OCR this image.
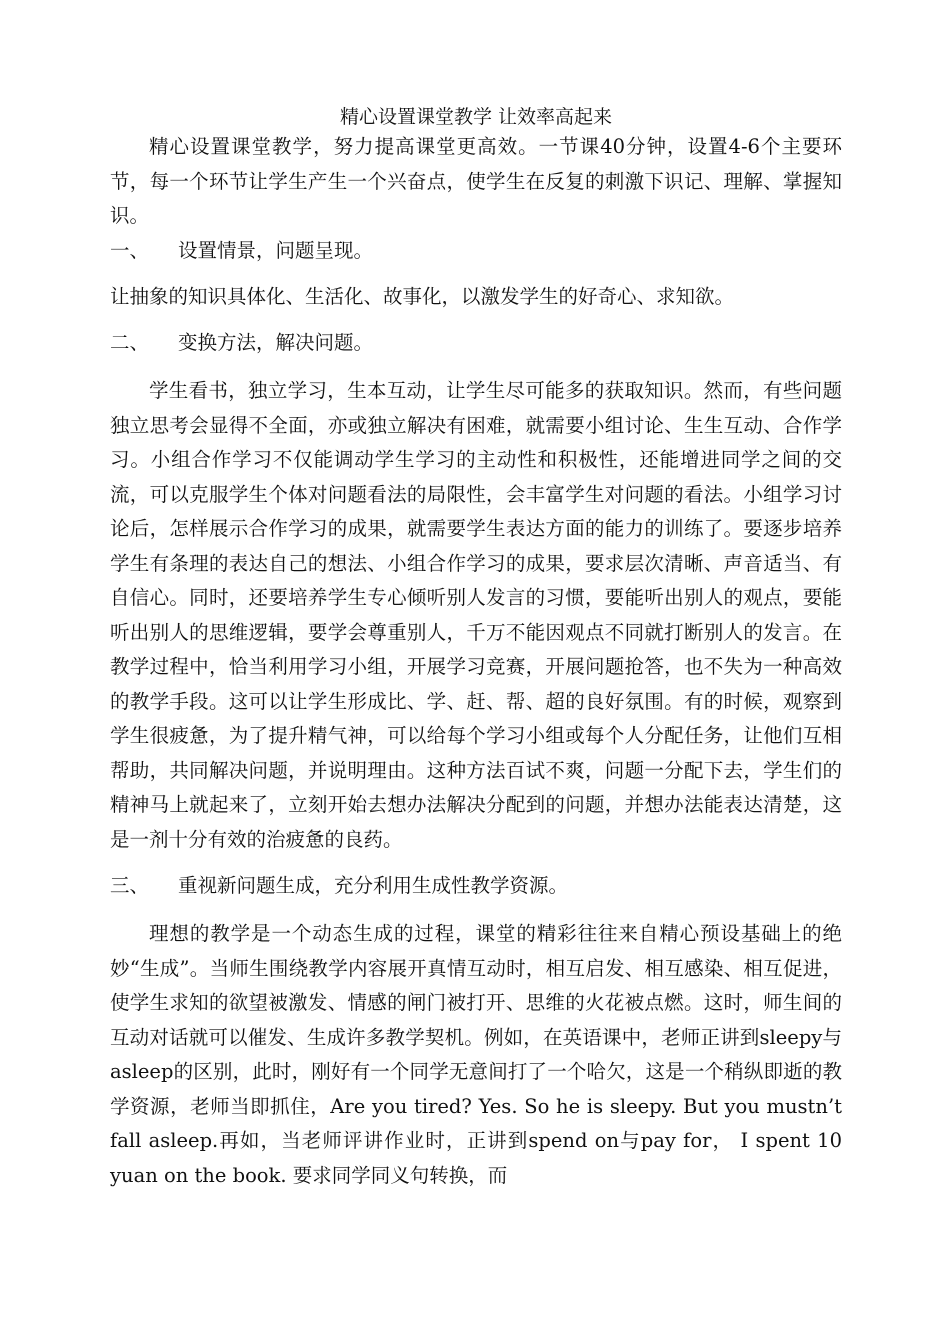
精心设置课堂教学 让效率高起来

精心设置课堂教学，努力提高课堂更高效。一节课40分钟，设置4-6个主要环节，每一个环节让学生产生一个兴奋点，使学生在反复的刺激下识记、理解、掌握知识。

一、	设置情景，问题呈现。

让抽象的知识具体化、生活化、故事化，以激发学生的好奇心、求知欲。

二、	变换方法，解决问题。

学生看书，独立学习，生本互动，让学生尽可能多的获取知识。然而，有些问题独立思考会显得不全面，亦或独立解决有困难，就需要小组讨论、生生互动、合作学习。小组合作学习不仅能调动学生学习的主动性和积极性，还能增进同学之间的交流，可以克服学生个体对问题看法的局限性，会丰富学生对问题的看法。小组学习讨论后，怎样展示合作学习的成果，就需要学生表达方面的能力的训练了。要逐步培养学生有条理的表达自己的想法、小组合作学习的成果，要求层次清晰、声音适当、有自信心。同时，还要培养学生专心倾听别人发言的习惯，要能听出别人的观点，要能听出别人的思维逻辑，要学会尊重别人，千万不能因观点不同就打断别人的发言。在教学过程中，恰当利用学习小组，开展学习竞赛，开展问题抢答，也不失为一种高效的教学手段。这可以让学生形成比、学、赶、帮、超的良好氛围。有的时候，观察到学生很疲惫，为了提升精气神，可以给每个学习小组或每个人分配任务，让他们互相帮助，共同解决问题，并说明理由。这种方法百试不爽，问题一分配下去，学生们的精神马上就起来了，立刻开始去想办法解决分配到的问题，并想办法能表达清楚，这是一剂十分有效的治疲惫的良药。

三、	重视新问题生成，充分利用生成性教学资源。

理想的教学是一个动态生成的过程，课堂的精彩往往来自精心预设基础上的绝妙“生成”。当师生围绕教学内容展开真情互动时，相互启发、相互感染、相互促进，使学生求知的欲望被激发、情感的闸门被打开、思维的火花被点燃。这时，师生间的互动对话就可以催发、生成许多教学契机。例如，在英语课中，老师正讲到sleepy与asleep的区别，此时，刚好有一个同学无意间打了一个哈欠，这是一个稍纵即逝的教学资源，老师当即抓住，Are you tired? Yes. So he is sleepy. But you mustn’t fall asleep.再如，当老师评讲作业时，正讲到spend on与pay for， I spent 10 yuan on the book. 要求同学同义句转换，而
